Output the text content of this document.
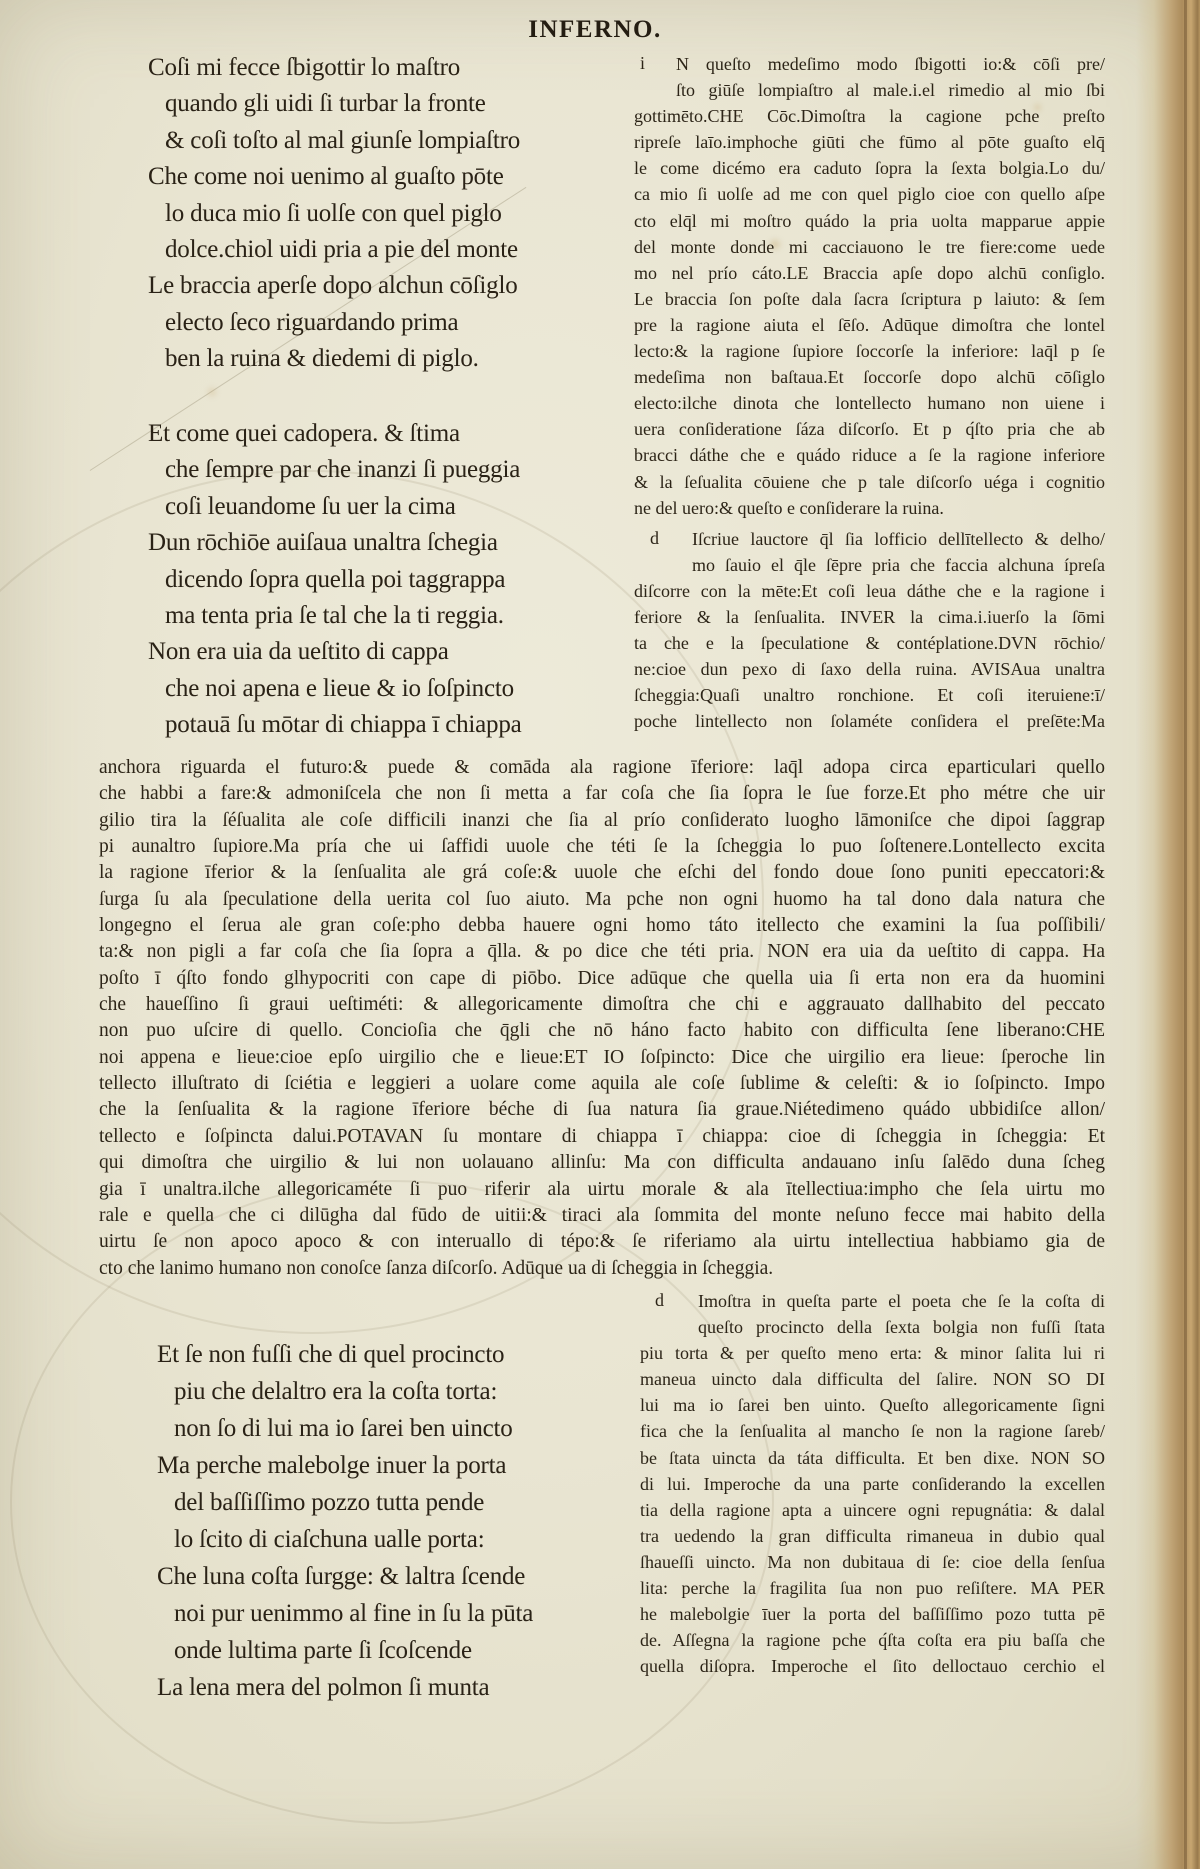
INFERNO.
Coſi mi fecce ſbigottir lo maſtro
quando gli uidi ſi turbar la fronte
& coſi toſto al mal giunſe lompiaſtro
Che come noi uenimo al guaſto pōte
lo duca mio ſi uolſe con quel piglo
dolce.chiol uidi pria a pie del monte
Le braccia aperſe dopo alchun cōſiglo
electo ſeco riguardando prima
ben la ruina & diedemi di piglo.
Et come quei cadopera. & ſtima
che ſempre par che inanzi ſi pueggia
coſi leuandome ſu uer la cima
Dun rōchiōe auiſaua unaltra ſchegia
dicendo ſopra quella poi taggrappa
ma tenta pria ſe tal che la ti reggia.
Non era uia da ueſtito di cappa
che noi apena e lieue & io ſoſpincto
potauā ſu mōtar di chiappa ī chiappa
i	N queſto medeſimo modo ſbigotti io:& cōſi pre/
ſto giūſe lompiaſtro al male.i.el rimedio al mio ſbi
gottimēto.CHE Cōc.Dimoſtra la cagione pche preſto
ripreſe laīo.imphoche giūti che fūmo al pōte guaſto elq̄
le come dicémo era caduto ſopra la ſexta bolgia.Lo du/
ca mio ſi uolſe ad me con quel piglo cioe con quello aſpe
cto elq̄l mi moſtro quádo la pria uolta mapparue appie
del monte donde mi cacciauono le tre fiere:come uede
mo nel prío cáto.LE Braccia apſe dopo alchū conſiglo.
Le braccia ſon poſte dala ſacra ſcriptura p laiuto: & ſem
pre la ragione aiuta el ſēſo. Adūque dimoſtra che lontel
lecto:& la ragione ſupiore ſoccorſe la inferiore: laq̄l p ſe
medeſima non baſtaua.Et ſoccorſe dopo alchū cōſiglo
electo:ilche dinota che lontellecto humano non uiene i
uera conſideratione ſáza diſcorſo. Et p q́ſto pria che ab
bracci dáthe che e quádo riduce a ſe la ragione inferiore
& la ſeſualita cōuiene che p tale diſcorſo uéga i cognitio
ne del uero:& queſto e conſiderare la ruina.
d	Iſcriue lauctore q̄l ſia lofficio dellītellecto & delho/
mo ſauio el q̄le ſēpre pria che faccia alchuna ípreſa
diſcorre con la mēte:Et coſi leua dáthe che e la ragione i
feriore & la ſenſualita. INVER la cima.i.iuerſo la ſōmi
ta che e la ſpeculatione & contéplatione.DVN rōchio/
ne:cioe dun pexo di ſaxo della ruina. AVISAua unaltra
ſcheggia:Quaſi unaltro ronchione. Et coſi iteruiene:ī/
poche lintellecto non ſolaméte conſidera el preſēte:Ma
anchora riguarda el futuro:& puede & comāda ala ragione īferiore: laq̄l adopa circa eparticulari quello
che habbi a fare:& admoniſcela che non ſi metta a far coſa che ſia ſopra le ſue forze.Et pho métre che uir
gilio tira la ſéſualita ale coſe difficili inanzi che ſia al prío conſiderato luogho lāmoniſce che dipoi ſaggrap
pi aunaltro ſupiore.Ma pría che ui ſaffidi uuole che téti ſe la ſcheggia lo puo ſoſtenere.Lontellecto excita
la ragione īferior & la ſenſualita ale grá coſe:& uuole che eſchi del fondo doue ſono puniti epeccatori:&
ſurga ſu ala ſpeculatione della uerita col ſuo aiuto. Ma pche non ogni huomo ha tal dono dala natura che
longegno el ſerua ale gran coſe:pho debba hauere ogni homo táto itellecto che examini la ſua poſſibili/
ta:& non pigli a far coſa che ſia ſopra a q̄lla. & po dice che téti pria. NON era uia da ueſtito di cappa. Ha
poſto ī q́ſto fondo glhypocriti con cape di piōbo. Dice adūque che quella uia ſi erta non era da huomini
che haueſſino ſi graui ueſtiméti: & allegoricamente dimoſtra che chi e aggrauato dallhabito del peccato
non puo uſcire di quello. Concioſia che q̄gli che nō háno facto habito con difficulta ſene liberano:CHE
noi appena e lieue:cioe epſo uirgilio che e lieue:ET IO ſoſpincto: Dice che uirgilio era lieue: ſperoche lin
tellecto illuſtrato di ſciétia e leggieri a uolare come aquila ale coſe ſublime & celeſti: & io ſoſpincto. Impo
che la ſenſualita & la ragione īferiore béche di ſua natura ſia graue.Niétedimeno quádo ubbidiſce allon/
tellecto e ſoſpincta dalui.POTAVAN ſu montare di chiappa ī chiappa: cioe di ſcheggia in ſcheggia: Et
qui dimoſtra che uirgilio & lui non uolauano allinſu: Ma con difficulta andauano inſu ſalēdo duna ſcheg
gia ī unaltra.ilche allegoricaméte ſi puo riferir ala uirtu morale & ala ītellectiua:impho che ſela uirtu mo
rale e quella che ci dilūgha dal fūdo de uitii:& tiraci ala ſommita del monte neſuno fecce mai habito della
uirtu ſe non apoco apoco & con interuallo di tépo:& ſe riferiamo ala uirtu intellectiua habbiamo gia de
cto che lanimo humano non conoſce ſanza diſcorſo. Adūque ua di ſcheggia in ſcheggia.
Et ſe non fuſſi che di quel procincto
piu che delaltro era la coſta torta:
non ſo di lui ma io ſarei ben uincto
Ma perche malebolge inuer la porta
del baſſiſſimo pozzo tutta pende
lo ſcito di ciaſchuna ualle porta:
Che luna coſta ſurgge: & laltra ſcende
noi pur uenimmo al fine in ſu la pūta
onde lultima parte ſi ſcoſcende
La lena mera del polmon ſi munta
d	Imoſtra in queſta parte el poeta che ſe la coſta di
queſto procincto della ſexta bolgia non fuſſi ſtata
piu torta & per queſto meno erta: & minor ſalita lui ri
maneua uincto dala difficulta del ſalire. NON SO DI
lui ma io ſarei ben uinto. Queſto allegoricamente ſigni
fica che la ſenſualita al mancho ſe non la ragione ſareb/
be ſtata uincta da táta difficulta. Et ben dixe. NON SO
di lui. Imperoche da una parte conſiderando la excellen
tia della ragione apta a uincere ogni repugnátia: & dalal
tra uedendo la gran difficulta rimaneua in dubio qual
ſhaueſſi uincto. Ma non dubitaua di ſe: cioe della ſenſua
lita: perche la fragilita ſua non puo reſiſtere. MA PER
he malebolgie īuer la porta del baſſiſſimo pozo tutta pē
de. Aſſegna la ragione pche q́ſta coſta era piu baſſa che
quella diſopra. Imperoche el ſito delloctauo cerchio el
